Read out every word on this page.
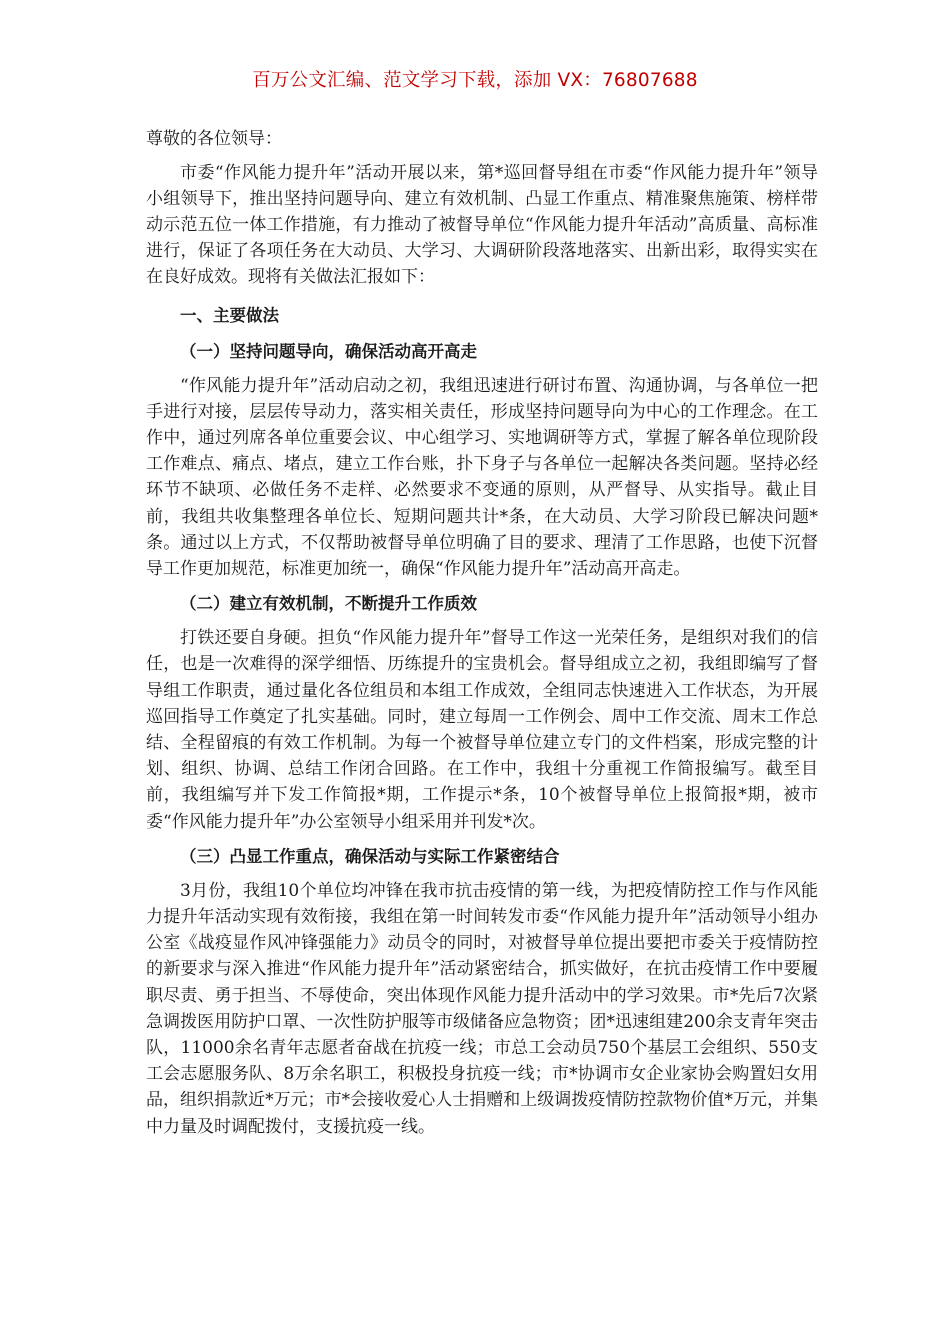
百万公文汇编、范文学习下载，添加 VX：76807688
尊敬的各位领导：

市委“作风能力提升年”活动开展以来，第*巡回督导组在市委“作风能力提升年”领导小组领导下，推出坚持问题导向、建立有效机制、凸显工作重点、精准聚焦施策、榜样带动示范五位一体工作措施，有力推动了被督导单位“作风能力提升年活动”高质量、高标准进行，保证了各项任务在大动员、大学习、大调研阶段落地落实、出新出彩，取得实实在在良好成效。现将有关做法汇报如下：

一、主要做法
（一）坚持问题导向，确保活动高开高走

“作风能力提升年”活动启动之初，我组迅速进行研讨布置、沟通协调，与各单位一把手进行对接，层层传导动力，落实相关责任，形成坚持问题导向为中心的工作理念。在工作中，通过列席各单位重要会议、中心组学习、实地调研等方式，掌握了解各单位现阶段工作难点、痛点、堵点，建立工作台账，扑下身子与各单位一起解决各类问题。坚持必经环节不缺项、必做任务不走样、必然要求不变通的原则，从严督导、从实指导。截止目前，我组共收集整理各单位长、短期问题共计*条，在大动员、大学习阶段已解决问题*条。通过以上方式，不仅帮助被督导单位明确了目的要求、理清了工作思路，也使下沉督导工作更加规范，标准更加统一，确保“作风能力提升年”活动高开高走。

（二）建立有效机制，不断提升工作质效

打铁还要自身硬。担负“作风能力提升年”督导工作这一光荣任务，是组织对我们的信任，也是一次难得的深学细悟、历练提升的宝贵机会。督导组成立之初，我组即编写了督导组工作职责，通过量化各位组员和本组工作成效，全组同志快速进入工作状态，为开展巡回指导工作奠定了扎实基础。同时，建立每周一工作例会、周中工作交流、周末工作总结、全程留痕的有效工作机制。为每一个被督导单位建立专门的文件档案，形成完整的计划、组织、协调、总结工作闭合回路。在工作中，我组十分重视工作简报编写。截至目前，我组编写并下发工作简报*期，工作提示*条，10个被督导单位上报简报*期，被市委“作风能力提升年”办公室领导小组采用并刊发*次。

（三）凸显工作重点，确保活动与实际工作紧密结合

3月份，我组10个单位均冲锋在我市抗击疫情的第一线，为把疫情防控工作与作风能力提升年活动实现有效衔接，我组在第一时间转发市委“作风能力提升年”活动领导小组办公室《战疫显作风冲锋强能力》动员令的同时，对被督导单位提出要把市委关于疫情防控的新要求与深入推进“作风能力提升年”活动紧密结合，抓实做好，在抗击疫情工作中要履职尽责、勇于担当、不辱使命，突出体现作风能力提升活动中的学习效果。市*先后7次紧急调拨医用防护口罩、一次性防护服等市级储备应急物资；团*迅速组建200余支青年突击队，11000余名青年志愿者奋战在抗疫一线；市总工会动员750个基层工会组织、550支工会志愿服务队、8万余名职工，积极投身抗疫一线；市*协调市女企业家协会购置妇女用品，组织捐款近*万元；市*会接收爱心人士捐赠和上级调拨疫情防控款物价值*万元，并集中力量及时调配拨付，支援抗疫一线。
